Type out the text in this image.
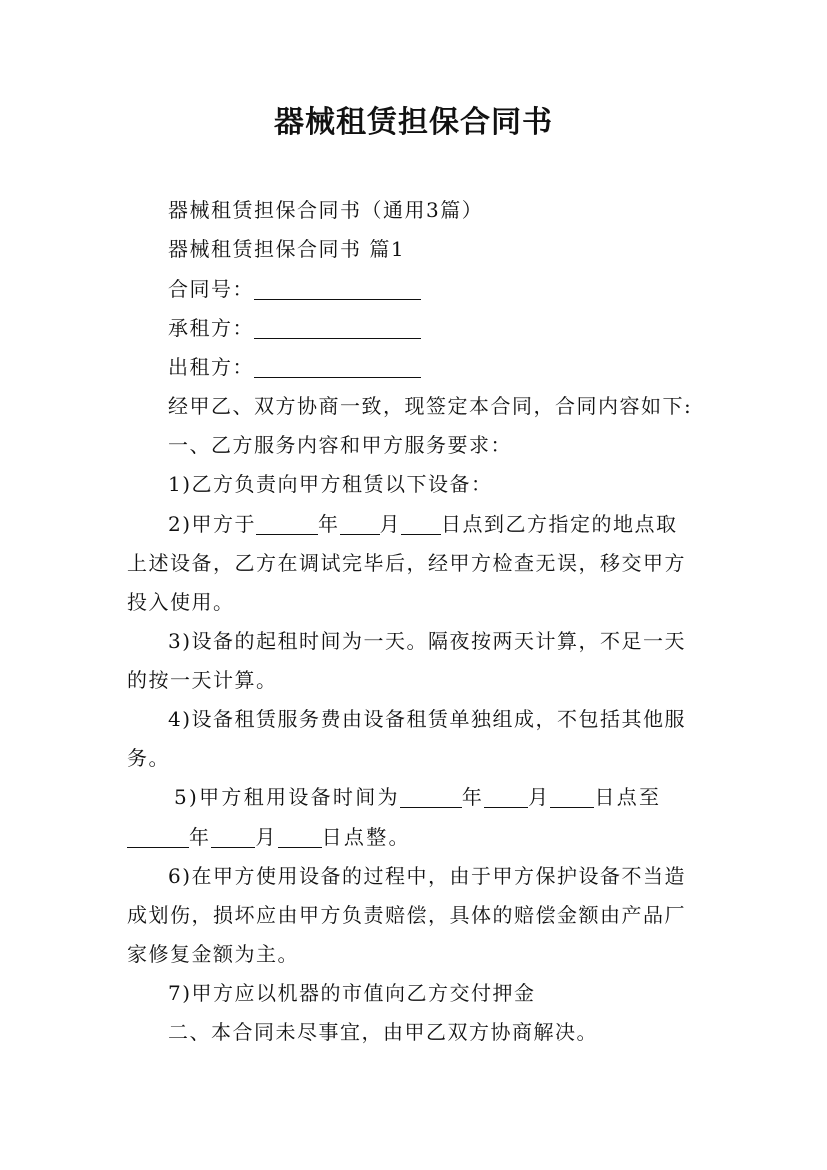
器械租赁担保合同书
器械租赁担保合同书（通用3篇）
器械租赁担保合同书 篇1
合同号：
承租方：
出租方：
经甲乙、双方协商一致，现签定本合同，合同内容如下:
一、乙方服务内容和甲方服务要求：
1)乙方负责向甲方租赁以下设备：
2)甲方于	年 月 日点到乙方指定的地点取
上述设备，乙方在调试完毕后，经甲方检查无误，移交甲方
投入使用。
3)设备的起租时间为一天。隔夜按两天计算，不足一天
的按一天计算。
4)设备租赁服务费由设备租赁单独组成，不包括其他服
务。
5)甲方租用设备时间为	年 月 日点至
年 月 日点整。
6)在甲方使用设备的过程中，由于甲方保护设备不当造
成划伤，损坏应由甲方负责赔偿，具体的赔偿金额由产品厂
家修复金额为主。
7)甲方应以机器的市值向乙方交付押金
二、本合同未尽事宜，由甲乙双方协商解决。
